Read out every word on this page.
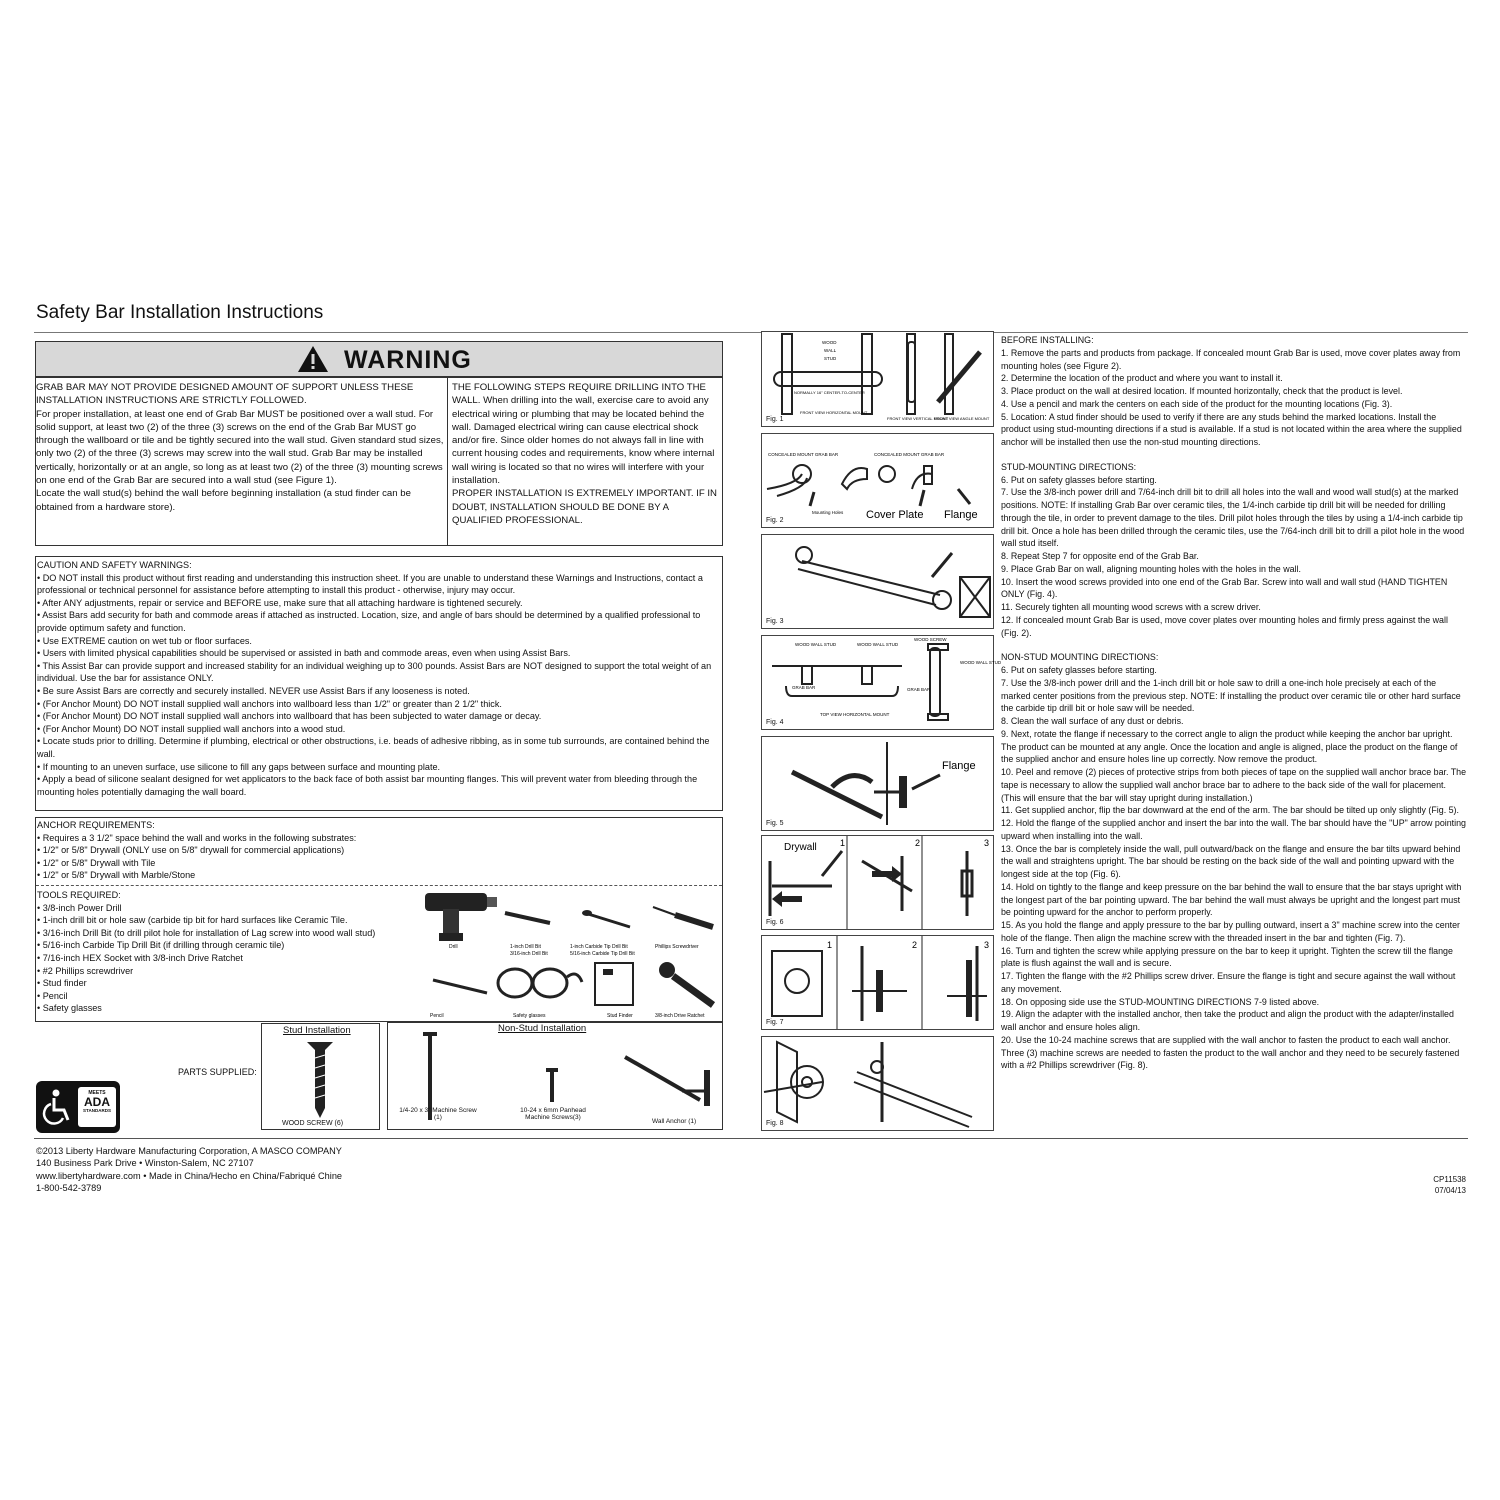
Safety Bar Installation Instructions
WARNING
GRAB BAR MAY NOT PROVIDE DESIGNED AMOUNT OF SUPPORT UNLESS THESE INSTALLATION INSTRUCTIONS ARE STRICTLY FOLLOWED.
For proper installation, at least one end of Grab Bar MUST be positioned over a wall stud. For solid support, at least two (2) of the three (3) screws on the end of the Grab Bar MUST go through the wallboard or tile and be tightly secured into the wall stud. Given standard stud sizes, only two (2) of the three (3) screws may screw into the wall stud. Grab Bar may be installed vertically, horizontally or at an angle, so long as at least two (2) of the three (3) mounting screws on one end of the Grab Bar are secured into a wall stud (see Figure 1).
Locate the wall stud(s) behind the wall before beginning installation (a stud finder can be obtained from a hardware store).
THE FOLLOWING STEPS REQUIRE DRILLING INTO THE WALL. When drilling into the wall, exercise care to avoid any electrical wiring or plumbing that may be located behind the wall. Damaged electrical wiring can cause electrical shock and/or fire. Since older homes do not always fall in line with current housing codes and requirements, know where internal wall wiring is located so that no wires will interfere with your installation.
PROPER INSTALLATION IS EXTREMELY IMPORTANT. IF IN DOUBT, INSTALLATION SHOULD BE DONE BY A QUALIFIED PROFESSIONAL.
CAUTION AND SAFETY WARNINGS:
• DO NOT install this product without first reading and understanding this instruction sheet. If you are unable to understand these Warnings and Instructions, contact a professional or technical personnel for assistance before attempting to install this product - otherwise, injury may occur.
• After ANY adjustments, repair or service and BEFORE use, make sure that all attaching hardware is tightened securely.
• Assist Bars add security for bath and commode areas if attached as instructed. Location, size, and angle of bars should be determined by a qualified professional to provide optimum safety and function.
• Use EXTREME caution on wet tub or floor surfaces.
• Users with limited physical capabilities should be supervised or assisted in bath and commode areas, even when using Assist Bars.
• This Assist Bar can provide support and increased stability for an individual weighing up to 300 pounds. Assist Bars are NOT designed to support the total weight of an individual. Use the bar for assistance ONLY.
• Be sure Assist Bars are correctly and securely installed. NEVER use Assist Bars if any looseness is noted.
• (For Anchor Mount) DO NOT install supplied wall anchors into wallboard less than 1/2" or greater than 2 1/2" thick.
• (For Anchor Mount) DO NOT install supplied wall anchors into wallboard that has been subjected to water damage or decay.
• (For Anchor Mount) DO NOT install supplied wall anchors into a wood stud.
• Locate studs prior to drilling. Determine if plumbing, electrical or other obstructions, i.e. beads of adhesive ribbing, as in some tub surrounds, are contained behind the wall.
• If mounting to an uneven surface, use silicone to fill any gaps between surface and mounting plate.
• Apply a bead of silicone sealant designed for wet applicators to the back face of both assist bar mounting flanges. This will prevent water from bleeding through the mounting holes potentially damaging the wall board.
ANCHOR REQUIREMENTS:
• Requires a 3 1/2" space behind the wall and works in the following substrates:
• 1/2" or 5/8" Drywall (ONLY use on 5/8" drywall for commercial applications)
• 1/2" or 5/8" Drywall with Tile
• 1/2" or 5/8" Drywall with Marble/Stone
TOOLS REQUIRED:
• 3/8-inch Power Drill
• 1-inch drill bit or hole saw (carbide tip bit for hard surfaces like Ceramic Tile.
• 3/16-inch Drill Bit (to drill pilot hole for installation of Lag screw into wood wall stud)
• 5/16-inch Carbide Tip Drill Bit (if drilling through ceramic tile)
• 7/16-inch HEX Socket with 3/8-inch Drive Ratchet
• #2 Phillips screwdriver
• Stud finder
• Pencil
• Safety glasses
Drill	1-inch Drill Bit
3/16-inch Drill Bit
1-inch Carbide Tip Drill Bit
5/16-inch Carbide Tip Drill Bit
Phillips Screwdriver
Pencil	Safety glasses	Stud Finder	3/8-inch Drive Ratchet
MEETS
ADA
STANDARDS
PARTS SUPPLIED:
Stud Installation
WOOD SCREW (6)
Non-Stud Installation
1/4-20 x 3" Machine Screw (1)
10-24 x 6mm Panhead Machine Screws(3)
Wall Anchor (1)
WOOD
WALL
STUD
NORMALLY 16" CENTER-TO-CENTER
FRONT VIEW HORIZONTAL MOUNT
FRONT VIEW VERTICAL MOUNT
FRONT VIEW ANGLE MOUNT
Fig. 1
CONCEALED MOUNT GRAB BAR	CONCEALED MOUNT GRAB BAR
Mounting Holes Cover Plate Flange
Fig. 2
Fig. 3
WOOD WALL STUD	WOOD WALL STUD
WOOD SCREW
GRAB BAR
TOP VIEW HORIZONTAL MOUNT
GRAB BAR
WOOD WALL STUD
Fig. 4
Flange
Fig. 5
Drywall	1	2	3
Fig. 6
1	2	3
Fig. 7
Fig. 8

BEFORE INSTALLING:

1. Remove the parts and products from package. If concealed mount Grab Bar is used, move cover plates away from mounting holes (see Figure 2).

2. Determine the location of the product and where you want to install it.

3. Place product on the wall at desired location. If mounted horizontally, check that the product is level.

4. Use a pencil and mark the centers on each side of the product for the mounting locations (Fig. 3).

5. Location: A stud finder should be used to verify if there are any studs behind the marked locations. Install the product using stud-mounting directions if a stud is available. If a stud is not located within the area where the supplied anchor will be installed then use the non-stud mounting directions.

STUD-MOUNTING DIRECTIONS:

6. Put on safety glasses before starting.

7. Use the 3/8-inch power drill and 7/64-inch drill bit to drill all holes into the wall and wood wall stud(s) at the marked positions. NOTE: If installing Grab Bar over ceramic tiles, the 1/4-inch carbide tip drill bit will be needed for drilling through the tile, in order to prevent damage to the tiles. Drill pilot holes through the tiles by using a 1/4-inch carbide tip drill bit. Once a hole has been drilled through the ceramic tiles, use the 7/64-inch drill bit to drill a pilot hole in the wood wall stud itself.

8. Repeat Step 7 for opposite end of the Grab Bar.

9. Place Grab Bar on wall, aligning mounting holes with the holes in the wall.

10. Insert the wood screws provided into one end of the Grab Bar. Screw into wall and wall stud (HAND TIGHTEN ONLY (Fig. 4).

11. Securely tighten all mounting wood screws with a screw driver.

12. If concealed mount Grab Bar is used, move cover plates over mounting holes and firmly press against the wall (Fig. 2).

NON-STUD MOUNTING DIRECTIONS:

6. Put on safety glasses before starting.

7. Use the 3/8-inch power drill and the 1-inch drill bit or hole saw to drill a one-inch hole precisely at each of the marked center positions from the previous step. NOTE: If installing the product over ceramic tile or other hard surface the carbide tip drill bit or hole saw will be needed.

8. Clean the wall surface of any dust or debris.

9. Next, rotate the flange if necessary to the correct angle to align the product while keeping the anchor bar upright. The product can be mounted at any angle. Once the location and angle is aligned, place the product on the flange of the supplied anchor and ensure holes line up correctly. Now remove the product.

10. Peel and remove (2) pieces of protective strips from both pieces of tape on the supplied wall anchor brace bar. The tape is necessary to allow the supplied wall anchor brace bar to adhere to the back side of the wall for placement. (This will ensure that the bar will stay upright during installation.)

11. Get supplied anchor, flip the bar downward at the end of the arm. The bar should be tilted up only slightly (Fig. 5).

12. Hold the flange of the supplied anchor and insert the bar into the wall. The bar should have the "UP" arrow pointing upward when installing into the wall.

13. Once the bar is completely inside the wall, pull outward/back on the flange and ensure the bar tilts upward behind the wall and straightens upright. The bar should be resting on the back side of the wall and pointing upward with the longest side at the top (Fig. 6).

14. Hold on tightly to the flange and keep pressure on the bar behind the wall to ensure that the bar stays upright with the longest part of the bar pointing upward. The bar behind the wall must always be upright and the longest part must be pointing upward for the anchor to perform properly.

15. As you hold the flange and apply pressure to the bar by pulling outward, insert a 3" machine screw into the center hole of the flange. Then align the machine screw with the threaded insert in the bar and tighten (Fig. 7).

16. Turn and tighten the screw while applying pressure on the bar to keep it upright. Tighten the screw till the flange plate is flush against the wall and is secure.

17. Tighten the flange with the #2 Phillips screw driver. Ensure the flange is tight and secure against the wall without any movement.

18. On opposing side use the STUD-MOUNTING DIRECTIONS 7-9 listed above.

19. Align the adapter with the installed anchor, then take the product and align the product with the adapter/installed wall anchor and ensure holes align.

20. Use the 10-24 machine screws that are supplied with the wall anchor to fasten the product to each wall anchor. Three (3) machine screws are needed to fasten the product to the wall anchor and they need to be securely fastened with a #2 Phillips screwdriver (Fig. 8).

©2013 Liberty Hardware Manufacturing Corporation, A MASCO COMPANY
140 Business Park Drive • Winston-Salem, NC 27107
www.libertyhardware.com • Made in China/Hecho en China/Fabriqué Chine
1-800-542-3789
CP11538
07/04/13
